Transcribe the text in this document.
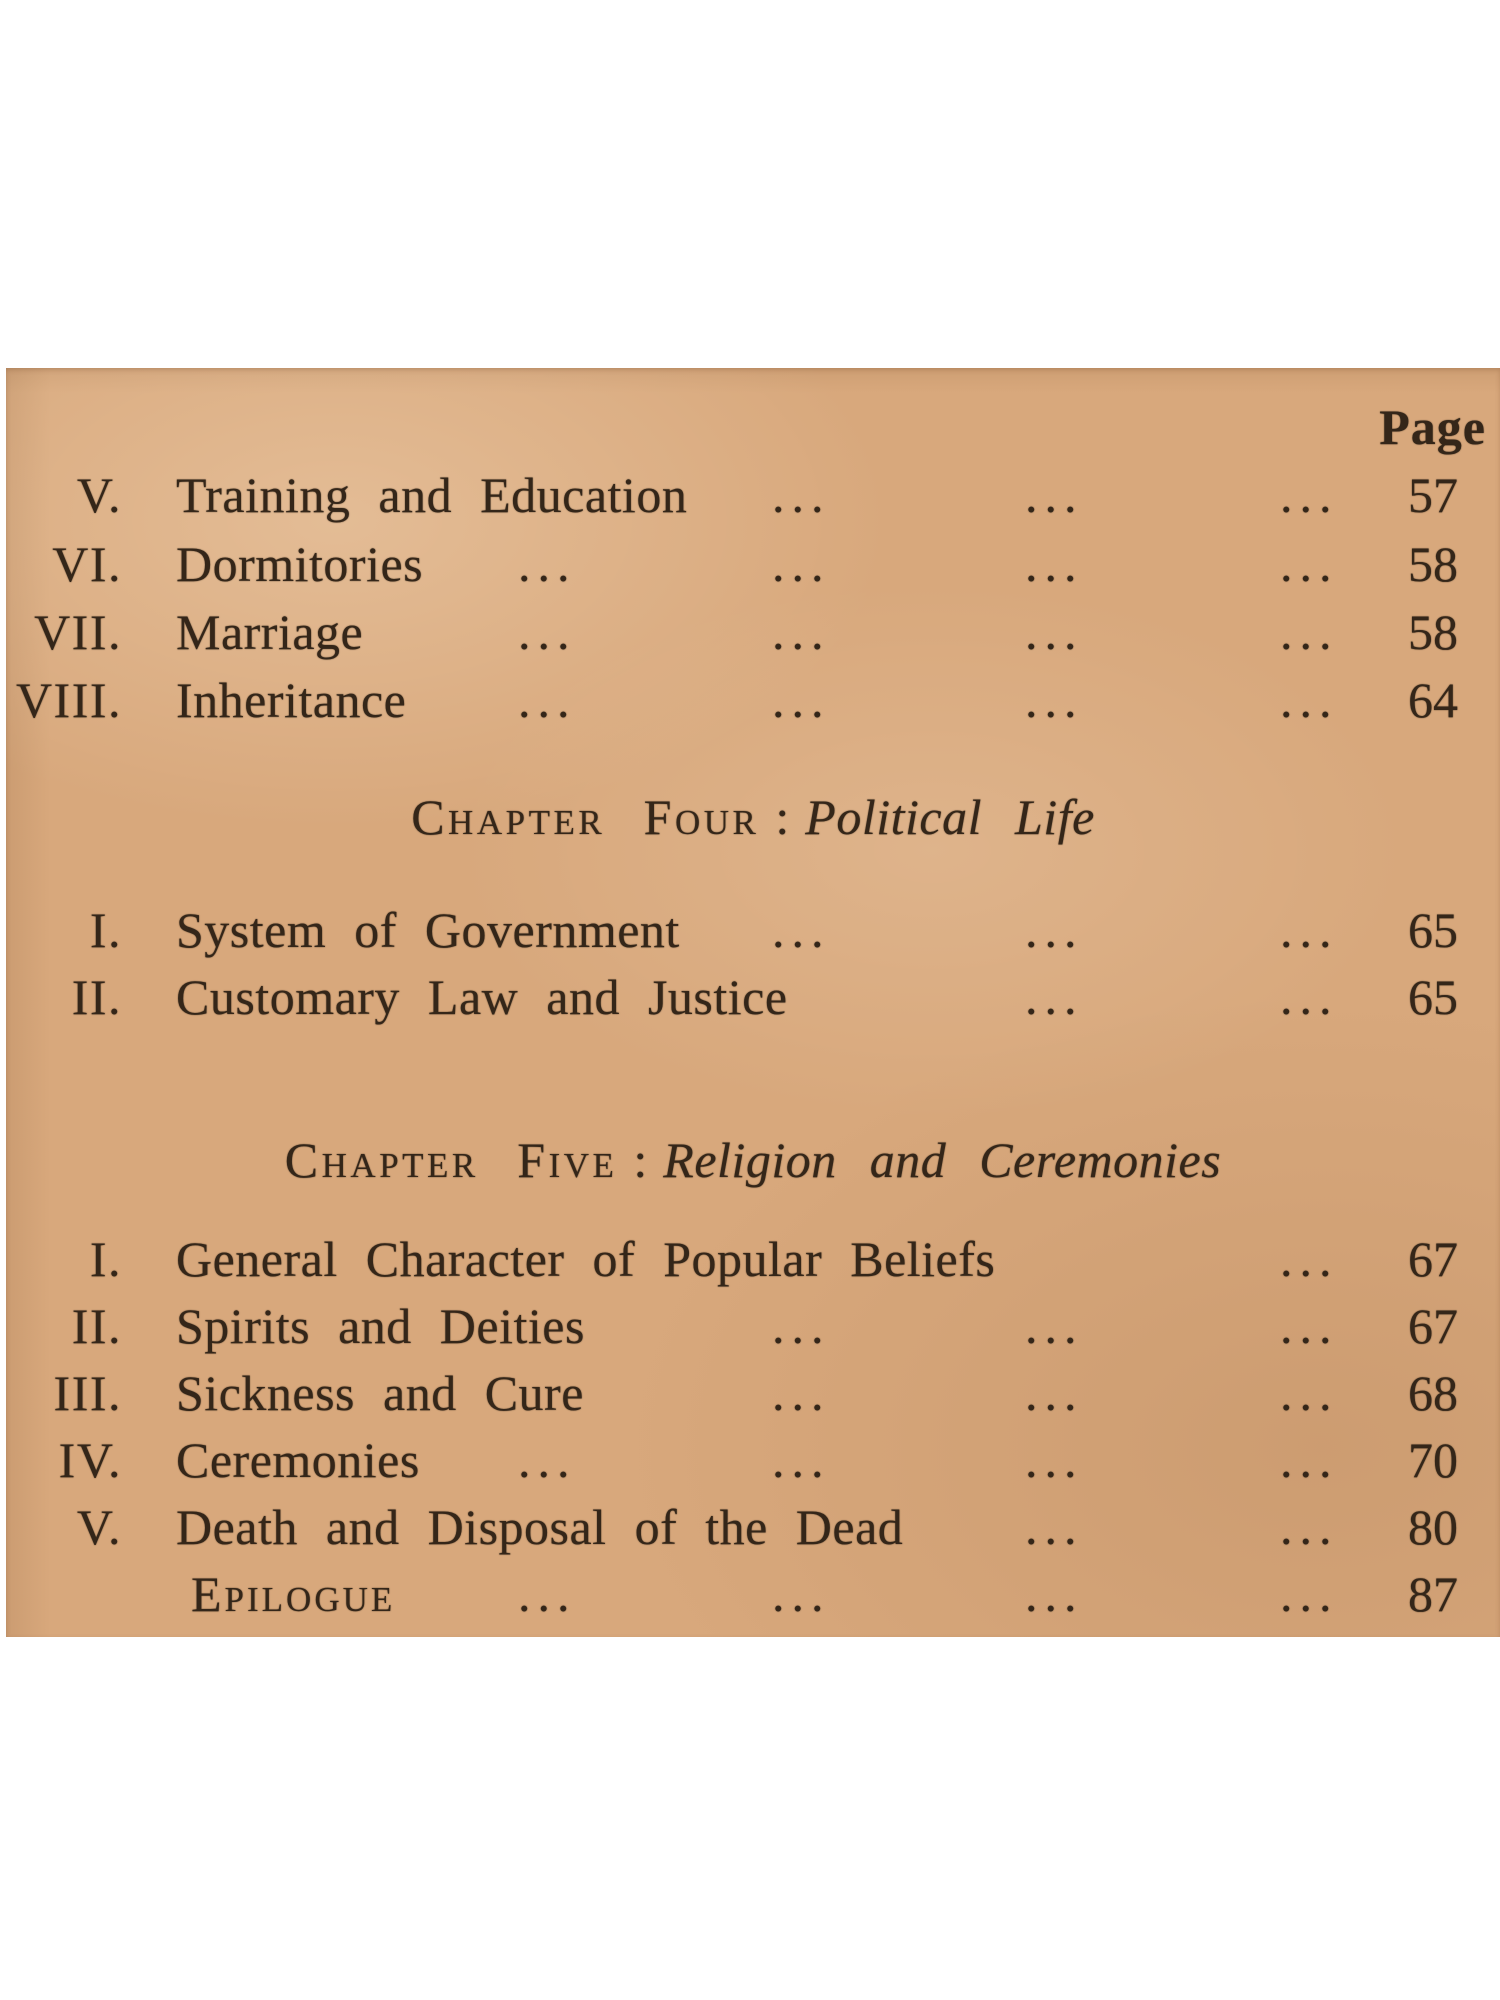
Page
V. Training and Education ...	...	...	57
VI. Dormitories ...	...	...	...	58
VII. Marriage	...	...	...	...	58
VIII. Inheritance ...	...	...	...	64
Chapter Four : Political Life
I. System of Government ...	...	...	65
II. Customary Law and Justice	...	...	65
Chapter Five : Religion and Ceremonies
I. General Character of Popular Beliefs	...	67
II. Spirits and Deities	...	...	...	67
III. Sickness and Cure	...	...	...	68
IV. Ceremonies ...	...	...	...	70
V. Death and Disposal of the Dead ...	...	80
Epilogue ...	...	...	...	87
